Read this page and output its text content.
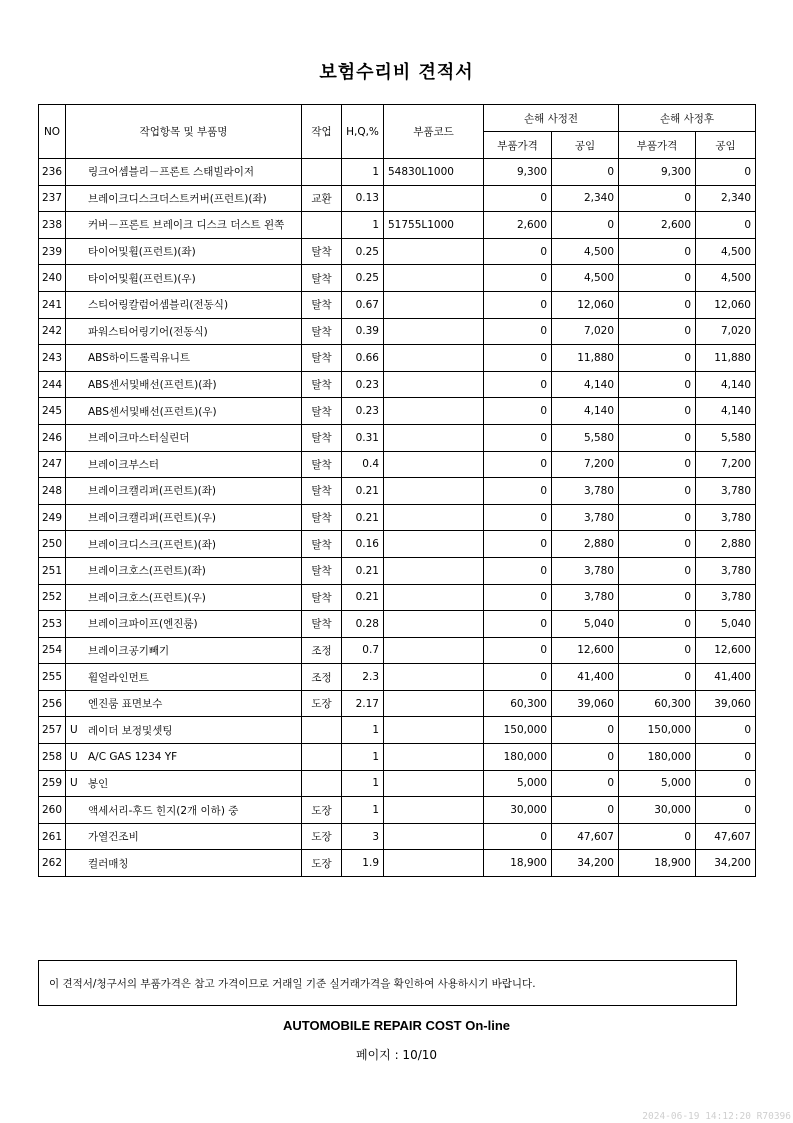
보험수리비 견적서
NO	작업항목 및 부품명	작업	H,Q,%	부품코드	손해 사정전		손해 사정후	
					부품가격	공임	부품가격	공임
236	링크어셈블리－프론트 스태빌라이저		1	54830L1000	9,300	0	9,300	0
237	브레이크디스크더스트커버(프런트)(좌)	교환	0.13		0	2,340	0	2,340
238	커버－프론트 브레이크 디스크 더스트 왼쪽		1	51755L1000	2,600	0	2,600	0
239	타이어및휠(프런트)(좌)	탈착	0.25		0	4,500	0	4,500
240	타이어및휠(프런트)(우)	탈착	0.25		0	4,500	0	4,500
241	스티어링칼럼어셈블리(전동식)	탈착	0.67		0	12,060	0	12,060
242	파워스티어링기어(전동식)	탈착	0.39		0	7,020	0	7,020
243	ABS하이드롤릭유니트	탈착	0.66		0	11,880	0	11,880
244	ABS센서및배선(프런트)(좌)	탈착	0.23		0	4,140	0	4,140
245	ABS센서및배선(프런트)(우)	탈착	0.23		0	4,140	0	4,140
246	브레이크마스터실린더	탈착	0.31		0	5,580	0	5,580
247	브레이크부스터	탈착	0.4		0	7,200	0	7,200
248	브레이크캘리퍼(프런트)(좌)	탈착	0.21		0	3,780	0	3,780
249	브레이크캘리퍼(프런트)(우)	탈착	0.21		0	3,780	0	3,780
250	브레이크디스크(프런트)(좌)	탈착	0.16		0	2,880	0	2,880
251	브레이크호스(프런트)(좌)	탈착	0.21		0	3,780	0	3,780
252	브레이크호스(프런트)(우)	탈착	0.21		0	3,780	0	3,780
253	브레이크파이프(엔진룸)	탈착	0.28		0	5,040	0	5,040
254	브레이크공기빼기	조정	0.7		0	12,600	0	12,600
255	휠얼라인먼트	조정	2.3		0	41,400	0	41,400
256	엔진룸 표면보수	도장	2.17		60,300	39,060	60,300	39,060
257	U 레이더 보정및셋팅		1		150,000	0	150,000	0
258	U A/C GAS 1234 YF		1		180,000	0	180,000	0
259	U 봉인		1		5,000	0	5,000	0
260	액세서리-후드 힌지(2개 이하) 중	도장	1		30,000	0	30,000	0
261	가열건조비	도장	3		0	47,607	0	47,607
262	컬러매칭	도장	1.9		18,900	34,200	18,900	34,200
이 견적서/청구서의 부품가격은 참고 가격이므로 거래일 기준 실거래가격을 확인하여 사용하시기 바랍니다.
AUTOMOBILE REPAIR COST On-line
페이지 : 10/10
2024-06-19 14:12:20 R70396
